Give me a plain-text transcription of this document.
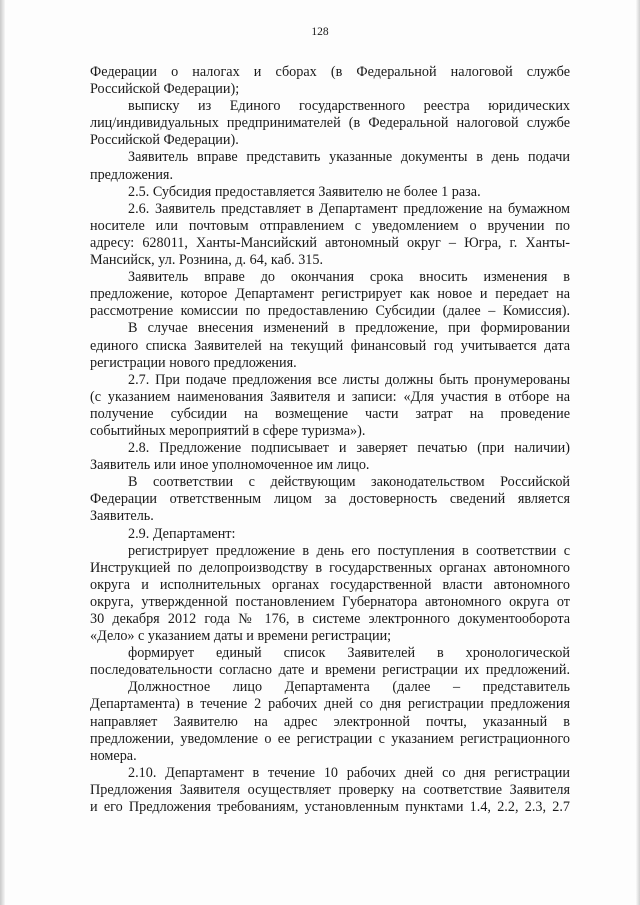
128
Федерации о налогах и сборах (в Федеральной налоговой службе
Российской Федерации);
выписку из Единого государственного реестра юридических
лиц/индивидуальных предпринимателей (в Федеральной налоговой службе
Российской Федерации).
Заявитель вправе представить указанные документы в день подачи
предложения.
2.5. Субсидия предоставляется Заявителю не более 1 раза.
2.6. Заявитель представляет в Департамент предложение на бумажном
носителе или почтовым отправлением с уведомлением о вручении по
адресу: 628011, Ханты-Мансийский автономный округ – Югра, г. Ханты-
Мансийск, ул. Рознина, д. 64, каб. 315.
Заявитель вправе до окончания срока вносить изменения в
предложение, которое Департамент регистрирует как новое и передает на
рассмотрение комиссии по предоставлению Субсидии (далее – Комиссия).
В случае внесения изменений в предложение, при формировании
единого списка Заявителей на текущий финансовый год учитывается дата
регистрации нового предложения.
2.7. При подаче предложения все листы должны быть пронумерованы
(с указанием наименования Заявителя и записи: «Для участия в отборе на
получение субсидии на возмещение части затрат на проведение
событийных мероприятий в сфере туризма»).
2.8. Предложение подписывает и заверяет печатью (при наличии)
Заявитель или иное уполномоченное им лицо.
В соответствии с действующим законодательством Российской
Федерации ответственным лицом за достоверность сведений является
Заявитель.
2.9. Департамент:
регистрирует предложение в день его поступления в соответствии с
Инструкцией по делопроизводству в государственных органах автономного
округа и исполнительных органах государственной власти автономного
округа, утвержденной постановлением Губернатора автономного округа от
30 декабря 2012 года № 176, в системе электронного документооборота
«Дело» с указанием даты и времени регистрации;
формирует единый список Заявителей в хронологической
последовательности согласно дате и времени регистрации их предложений.
Должностное лицо Департамента (далее – представитель
Департамента) в течение 2 рабочих дней со дня регистрации предложения
направляет Заявителю на адрес электронной почты, указанный в
предложении, уведомление о ее регистрации с указанием регистрационного
номера.
2.10. Департамент в течение 10 рабочих дней со дня регистрации
Предложения Заявителя осуществляет проверку на соответствие Заявителя
и его Предложения требованиям, установленным пунктами 1.4, 2.2, 2.3, 2.7
